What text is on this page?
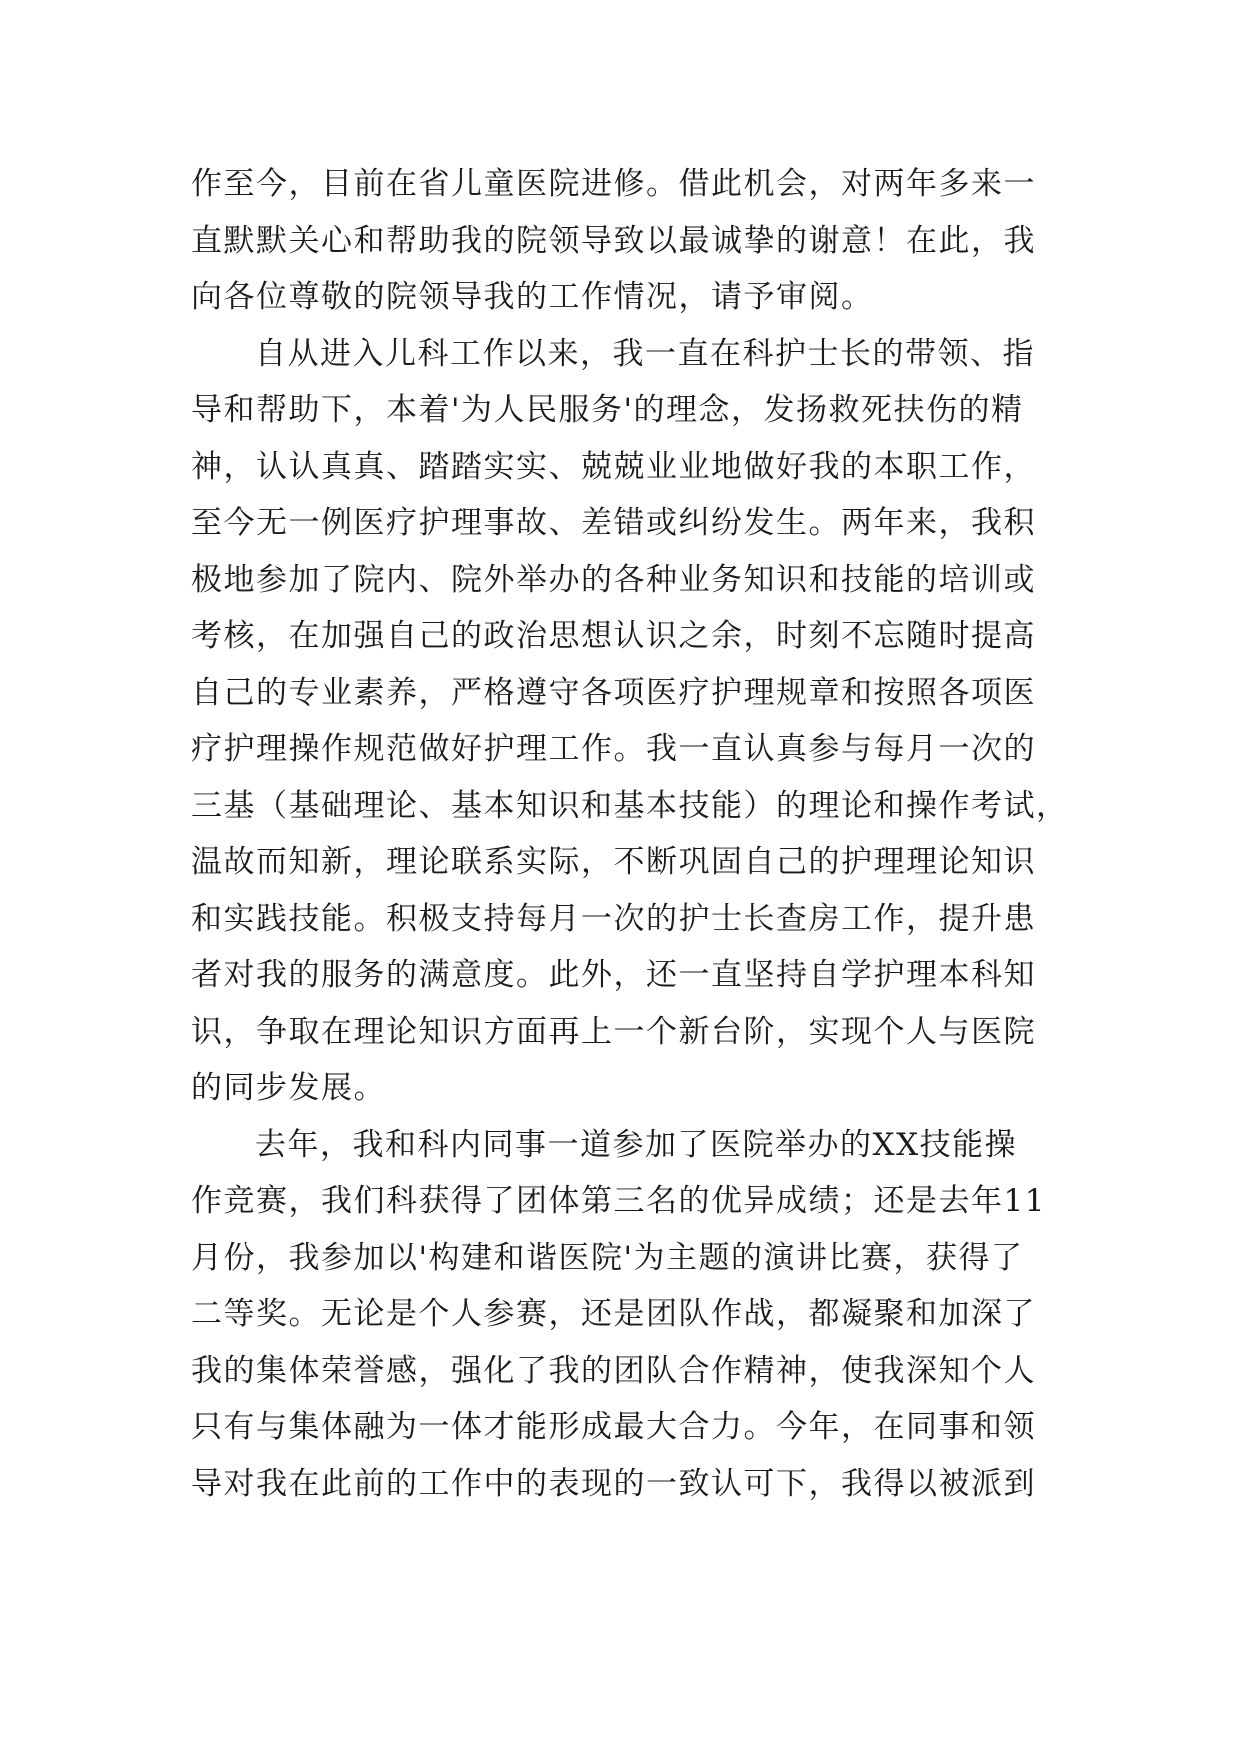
作至今，目前在省儿童医院进修。借此机会，对两年多来一
直默默关心和帮助我的院领导致以最诚挚的谢意！在此，我
向各位尊敬的院领导我的工作情况，请予审阅。
自从进入儿科工作以来，我一直在科护士长的带领、指
导和帮助下，本着'为人民服务'的理念，发扬救死扶伤的精
神，认认真真、踏踏实实、兢兢业业地做好我的本职工作，
至今无一例医疗护理事故、差错或纠纷发生。两年来，我积
极地参加了院内、院外举办的各种业务知识和技能的培训或
考核，在加强自己的政治思想认识之余，时刻不忘随时提高
自己的专业素养，严格遵守各项医疗护理规章和按照各项医
疗护理操作规范做好护理工作。我一直认真参与每月一次的
三基（基础理论、基本知识和基本技能）的理论和操作考试，
温故而知新，理论联系实际，不断巩固自己的护理理论知识
和实践技能。积极支持每月一次的护士长查房工作，提升患
者对我的服务的满意度。此外，还一直坚持自学护理本科知
识，争取在理论知识方面再上一个新台阶，实现个人与医院
的同步发展。
去年，我和科内同事一道参加了医院举办的XX技能操
作竞赛，我们科获得了团体第三名的优异成绩；还是去年11
月份，我参加以'构建和谐医院'为主题的演讲比赛，获得了
二等奖。无论是个人参赛，还是团队作战，都凝聚和加深了
我的集体荣誉感，强化了我的团队合作精神，使我深知个人
只有与集体融为一体才能形成最大合力。今年，在同事和领
导对我在此前的工作中的表现的一致认可下，我得以被派到
